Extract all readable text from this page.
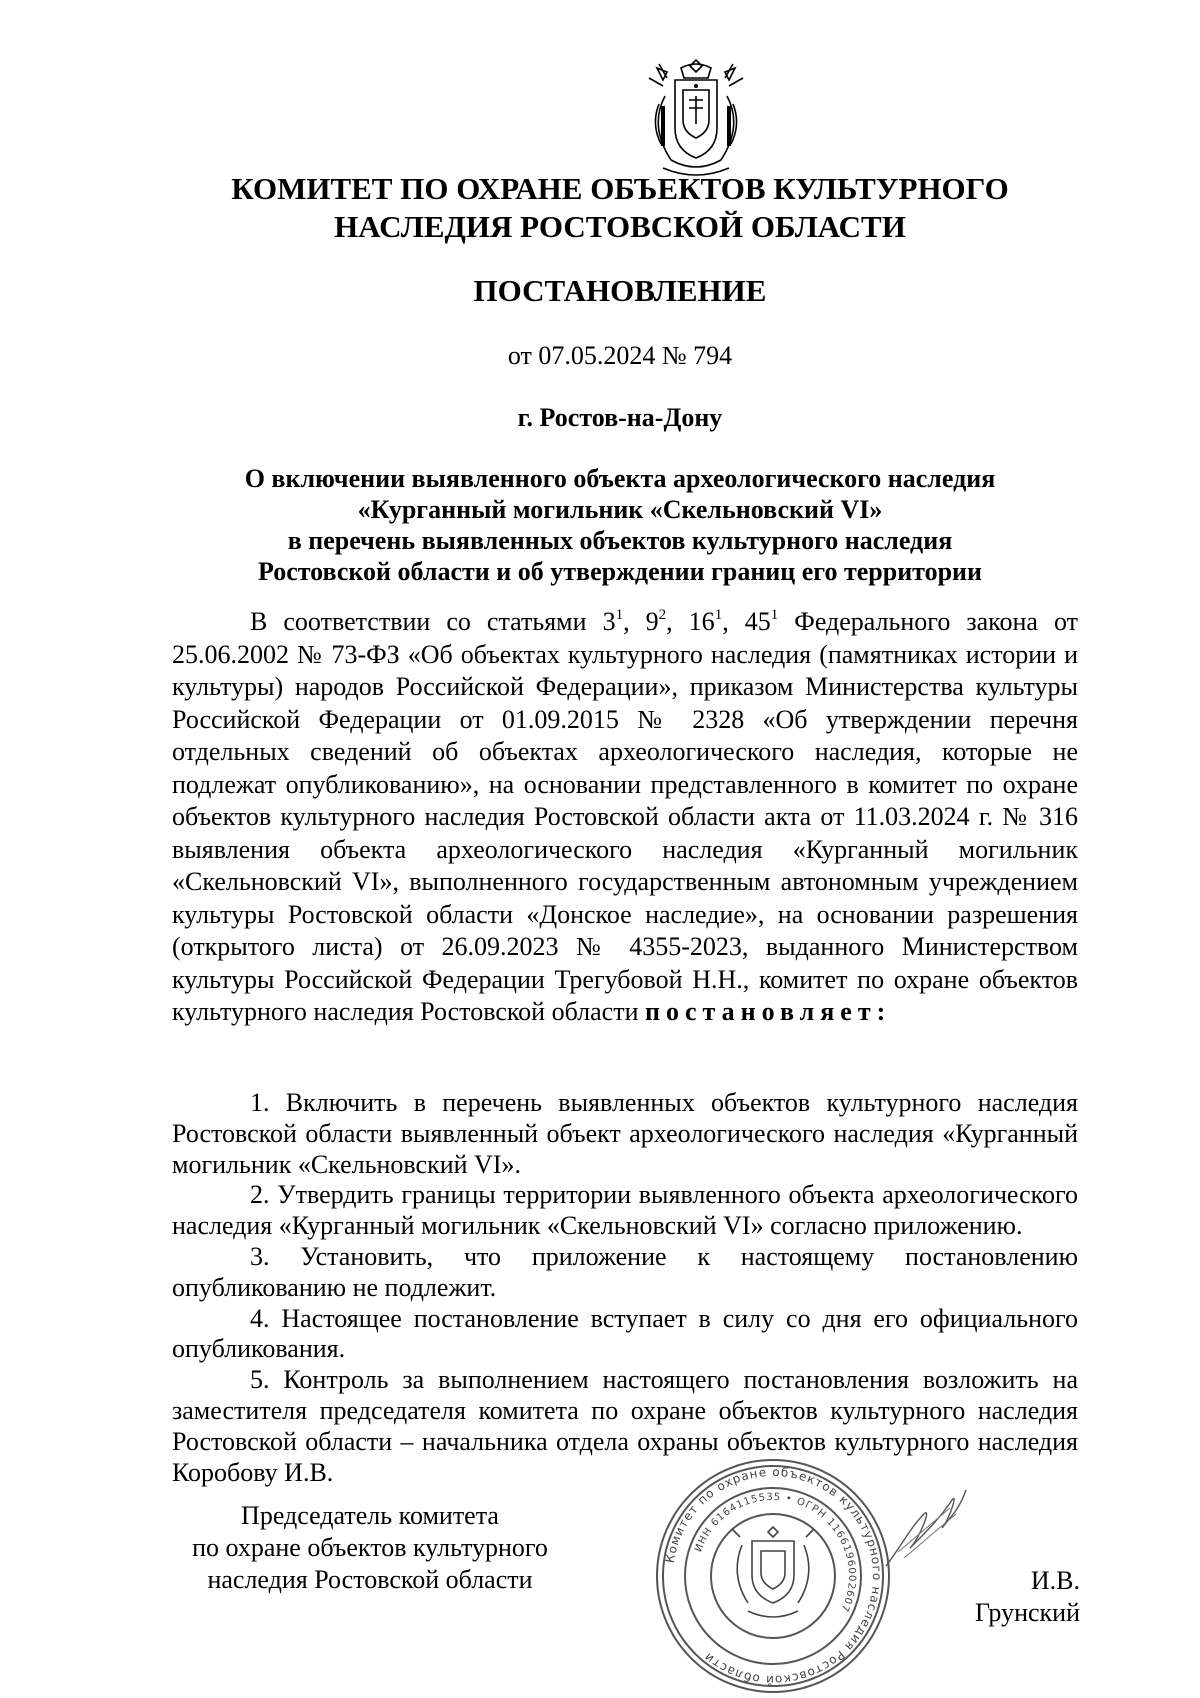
КОМИТЕТ ПО ОХРАНЕ ОБЪЕКТОВ КУЛЬТУРНОГО
НАСЛЕДИЯ РОСТОВСКОЙ ОБЛАСТИ
ПОСТАНОВЛЕНИЕ
от 07.05.2024 № 794
г. Ростов-на-Дону
О включении выявленного объекта археологического наследия
«Курганный могильник «Скельновский VI»
в перечень выявленных объектов культурного наследия
Ростовской области и об утверждении границ его территории

В соответствии со статьями $3^1$, $9^2$, $16^1$, $45^1$ Федерального закона от 25.06.2002 № 73-ФЗ «Об объектах культурного наследия (памятниках истории и культуры) народов Российской Федерации», приказом Министерства культуры Российской Федерации от 01.09.2015 № 2328 «Об утверждении перечня отдельных сведений об объектах археологического наследия, которые не подлежат опубликованию», на основании представленного в комитет по охране объектов культурного наследия Ростовской области акта от 11.03.2024 г. № 316 выявления объекта археологического наследия «Курганный могильник «Скельновский VI», выполненного государственным автономным учреждением культуры Ростовской области «Донское наследие», на основании разрешения (открытого листа) от 26.09.2023 № 4355-2023, выданного Министерством культуры Российской Федерации Трегубовой Н.Н., комитет по охране объектов культурного наследия Ростовской области постановляет:

1. Включить в перечень выявленных объектов культурного наследия Ростовской области выявленный объект археологического наследия «Курганный могильник «Скельновский VI».

2. Утвердить границы территории выявленного объекта археологического наследия «Курганный могильник «Скельновский VI» согласно приложению.

3. Установить, что приложение к настоящему постановлению опубликованию не подлежит.

4. Настоящее постановление вступает в силу со дня его официального опубликования.

5. Контроль за выполнением настоящего постановления возложить на заместителя председателя комитета по охране объектов культурного наследия Ростовской области – начальника отдела охраны объектов культурного наследия Коробову И.В.

Председатель комитета
по охране объектов культурного
наследия Ростовской области
Комитет по охране объектов культурного наследия Ростовской области
ИНН 6164115535 • ОГРН 1166196002607
И.В. Грунский
